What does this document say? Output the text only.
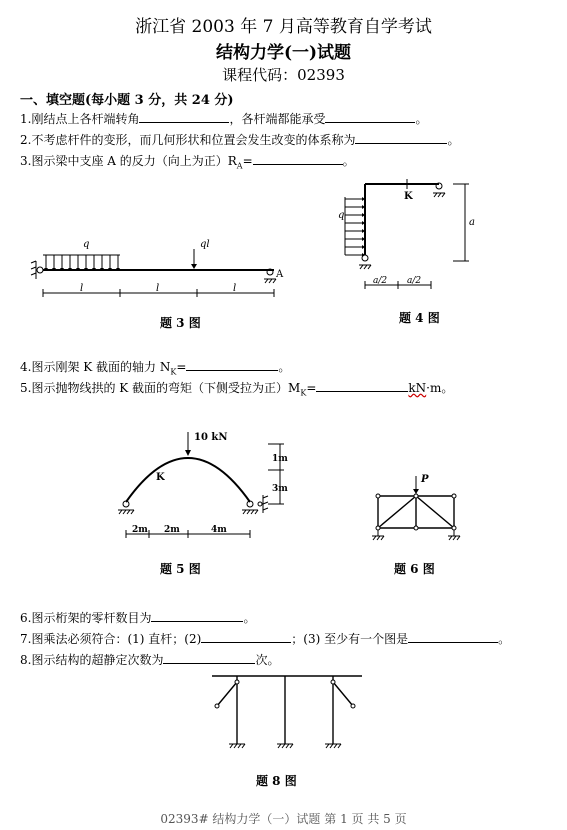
浙江省 2003 年 7 月高等教育自学考试
结构力学(一)试题
课程代码：02393
一、填空题(每小题 3 分，共 24 分)
1.刚结点上各杆端转角	，各杆端都能承受	。
2.不考虑杆件的变形，而几何形状和位置会发生改变的体系称为	。
3.图示梁中支座 A 的反力（向上为正）$R_A=$	。
q	ql
A
l	l	l
题 3 图
q
K
a
a/2 a/2
题 4 图
4.图示刚架 K 截面的轴力 $N_K=$	。
5.图示抛物线拱的 K 截面的弯矩（下侧受拉为正）$M_K=$	kN·m。
10 kN
K
1m
3m
2m 2m	4m
题 5 图
P
题 6 图
6.图示桁架的零杆数目为	。
7.图乘法必须符合：(1) 直杆；(2)	；(3) 至少有一个图是	。
8.图示结构的超静定次数为	次。
题 8 图
02393# 结构力学（一）试题 第 1 页 共 5 页
